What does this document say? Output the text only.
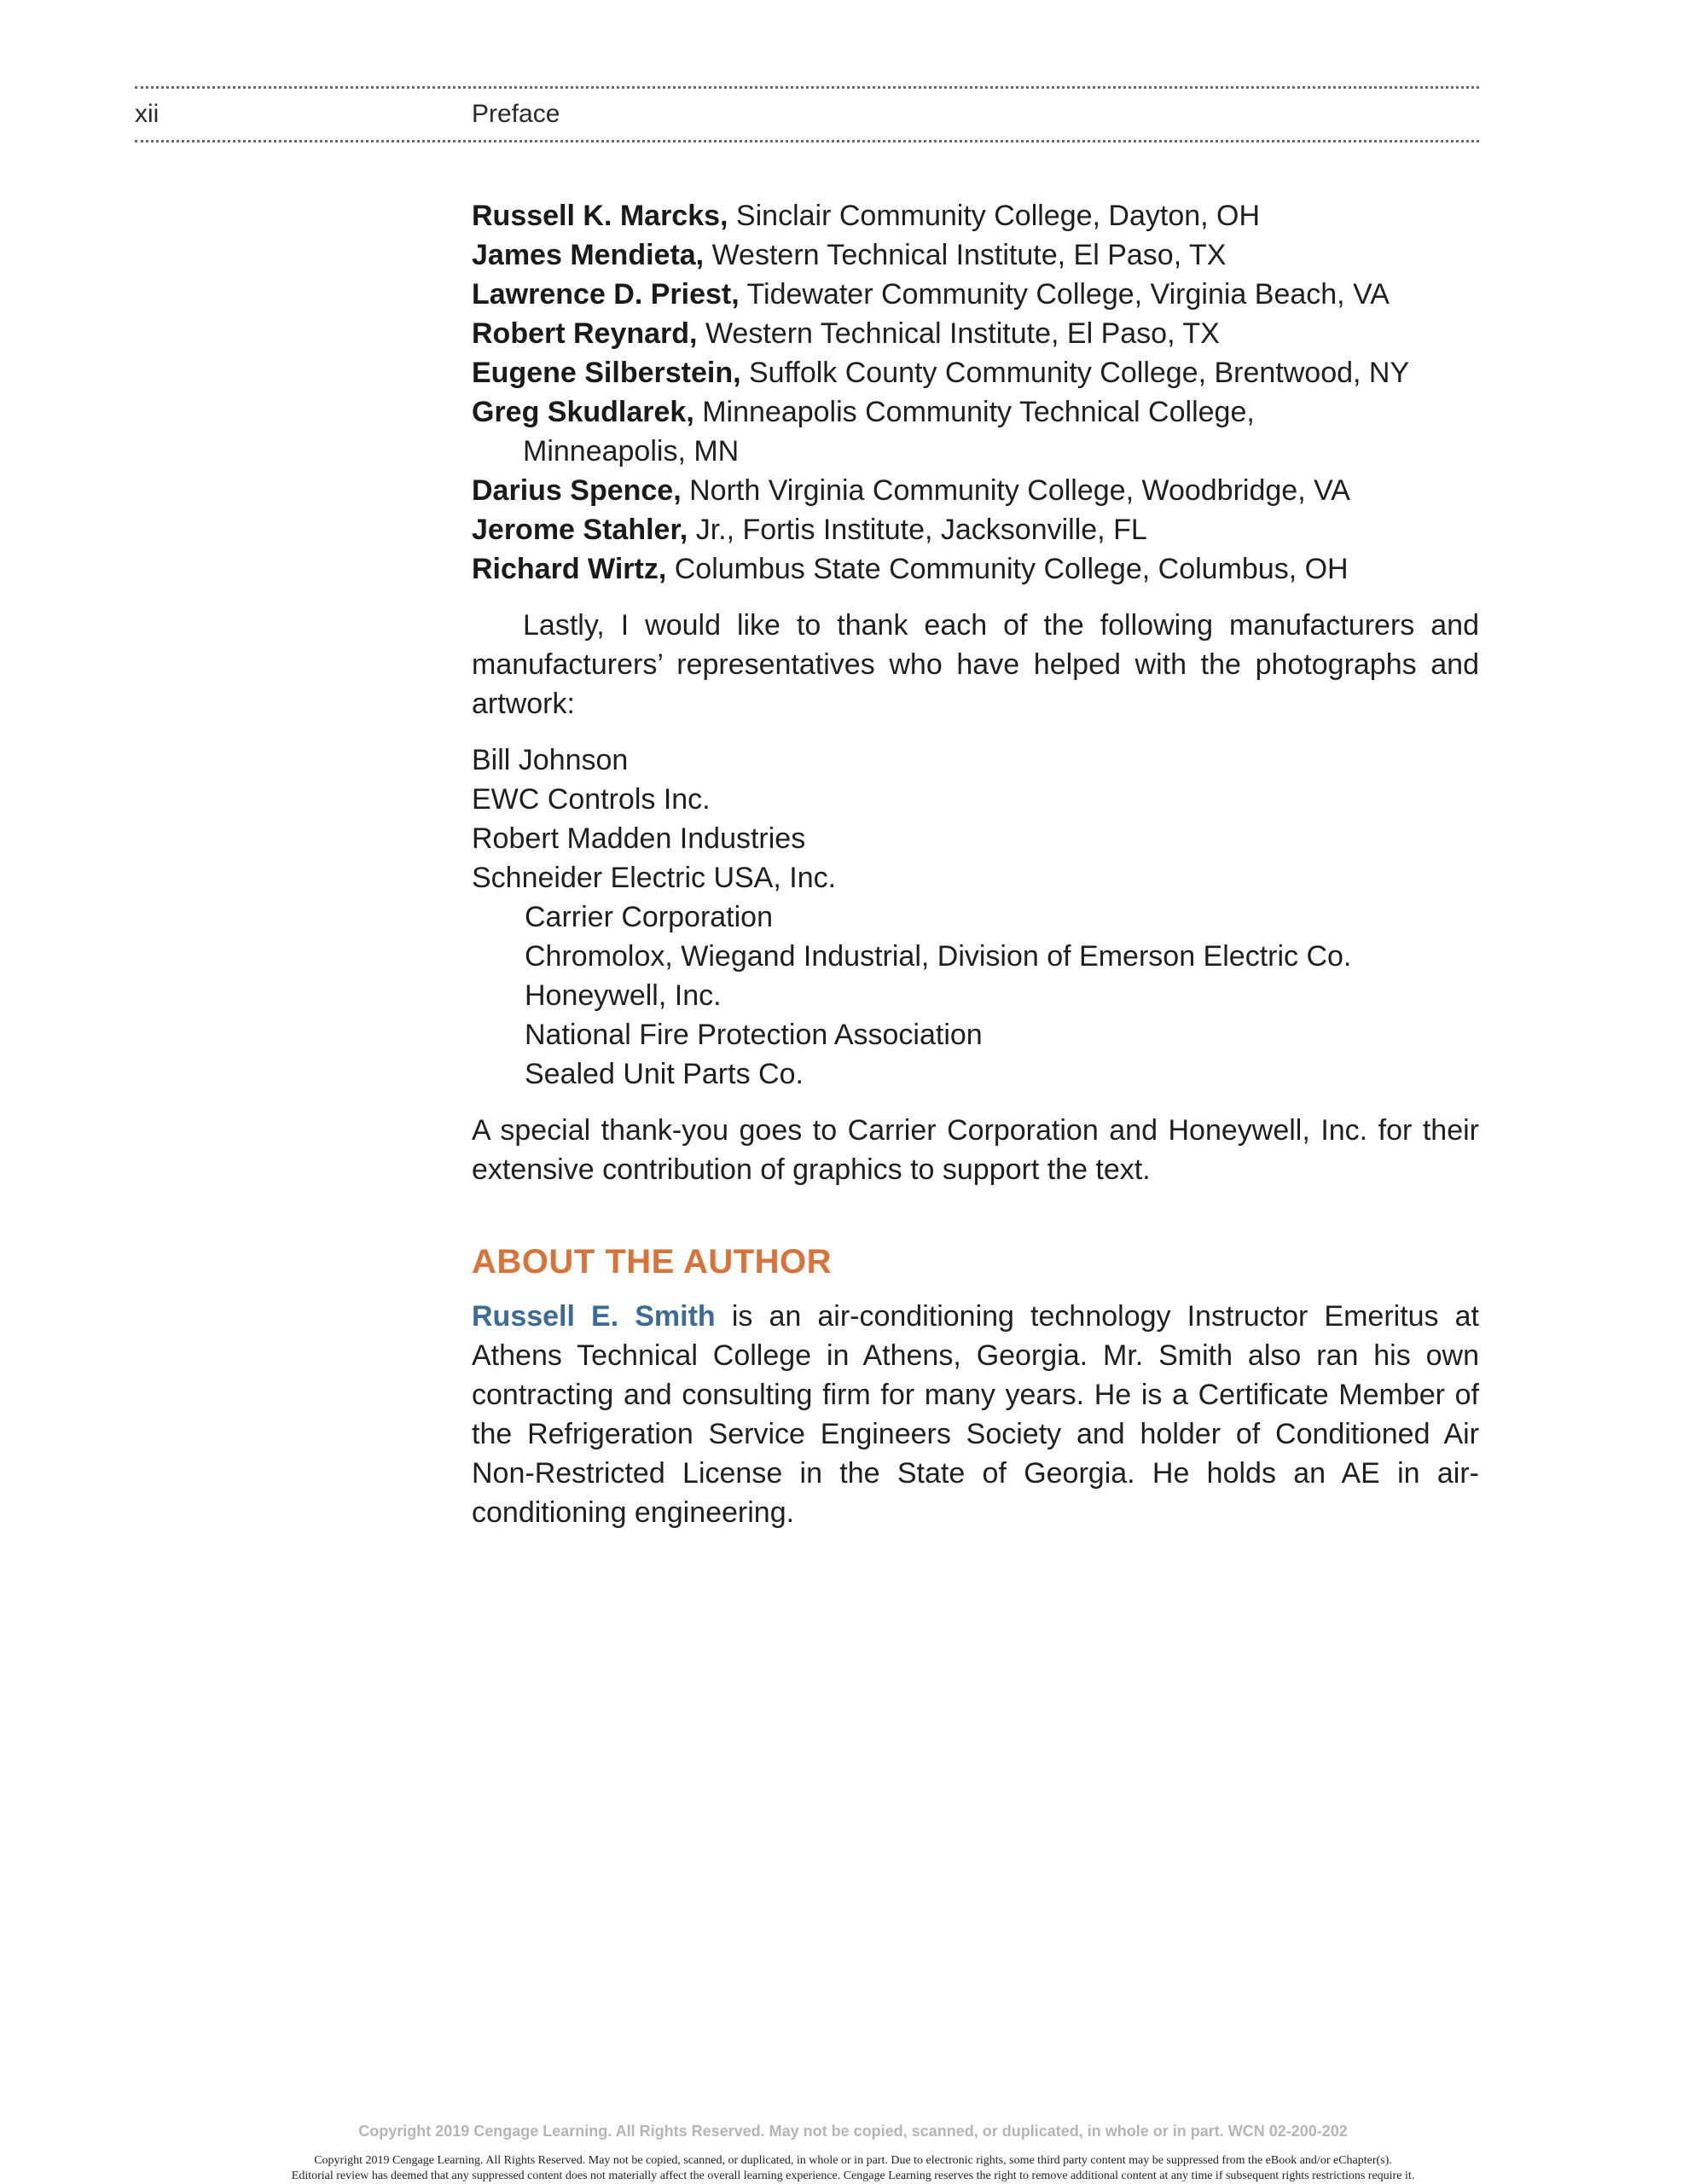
xii	Preface

Russell K. Marcks, Sinclair Community College, Dayton, OH

James Mendieta, Western Technical Institute, El Paso, TX

Lawrence D. Priest, Tidewater Community College, Virginia Beach, VA

Robert Reynard, Western Technical Institute, El Paso, TX

Eugene Silberstein, Suffolk County Community College, Brentwood, NY

Greg Skudlarek, Minneapolis Community Technical College,

Minneapolis, MN

Darius Spence, North Virginia Community College, Woodbridge, VA

Jerome Stahler, Jr., Fortis Institute, Jacksonville, FL

Richard Wirtz, Columbus State Community College, Columbus, OH

Lastly, I would like to thank each of the following manufacturers and manufacturers’ representatives who have helped with the photographs and artwork:

Bill Johnson
EWC Controls Inc.
Robert Madden Industries
Schneider Electric USA, Inc.
Carrier Corporation
Chromolox, Wiegand Industrial, Division of Emerson Electric Co.
Honeywell, Inc.
National Fire Protection Association
Sealed Unit Parts Co.

A special thank-you goes to Carrier Corporation and Honeywell, Inc. for their extensive contribution of graphics to support the text.

ABOUT THE AUTHOR

Russell E. Smith is an air-conditioning technology Instructor Emeritus at Athens Technical College in Athens, Georgia. Mr. Smith also ran his own contracting and consulting firm for many years. He is a Certificate Member of the Refrigeration Service Engineers Society and holder of Conditioned Air Non-Restricted License in the State of Georgia. He holds an AE in air-conditioning engineering.

Copyright 2019 Cengage Learning. All Rights Reserved. May not be copied, scanned, or duplicated, in whole or in part. WCN 02-200-202
Copyright 2019 Cengage Learning. All Rights Reserved. May not be copied, scanned, or duplicated, in whole or in part. Due to electronic rights, some third party content may be suppressed from the eBook and/or eChapter(s).
Editorial review has deemed that any suppressed content does not materially affect the overall learning experience. Cengage Learning reserves the right to remove additional content at any time if subsequent rights restrictions require it.
